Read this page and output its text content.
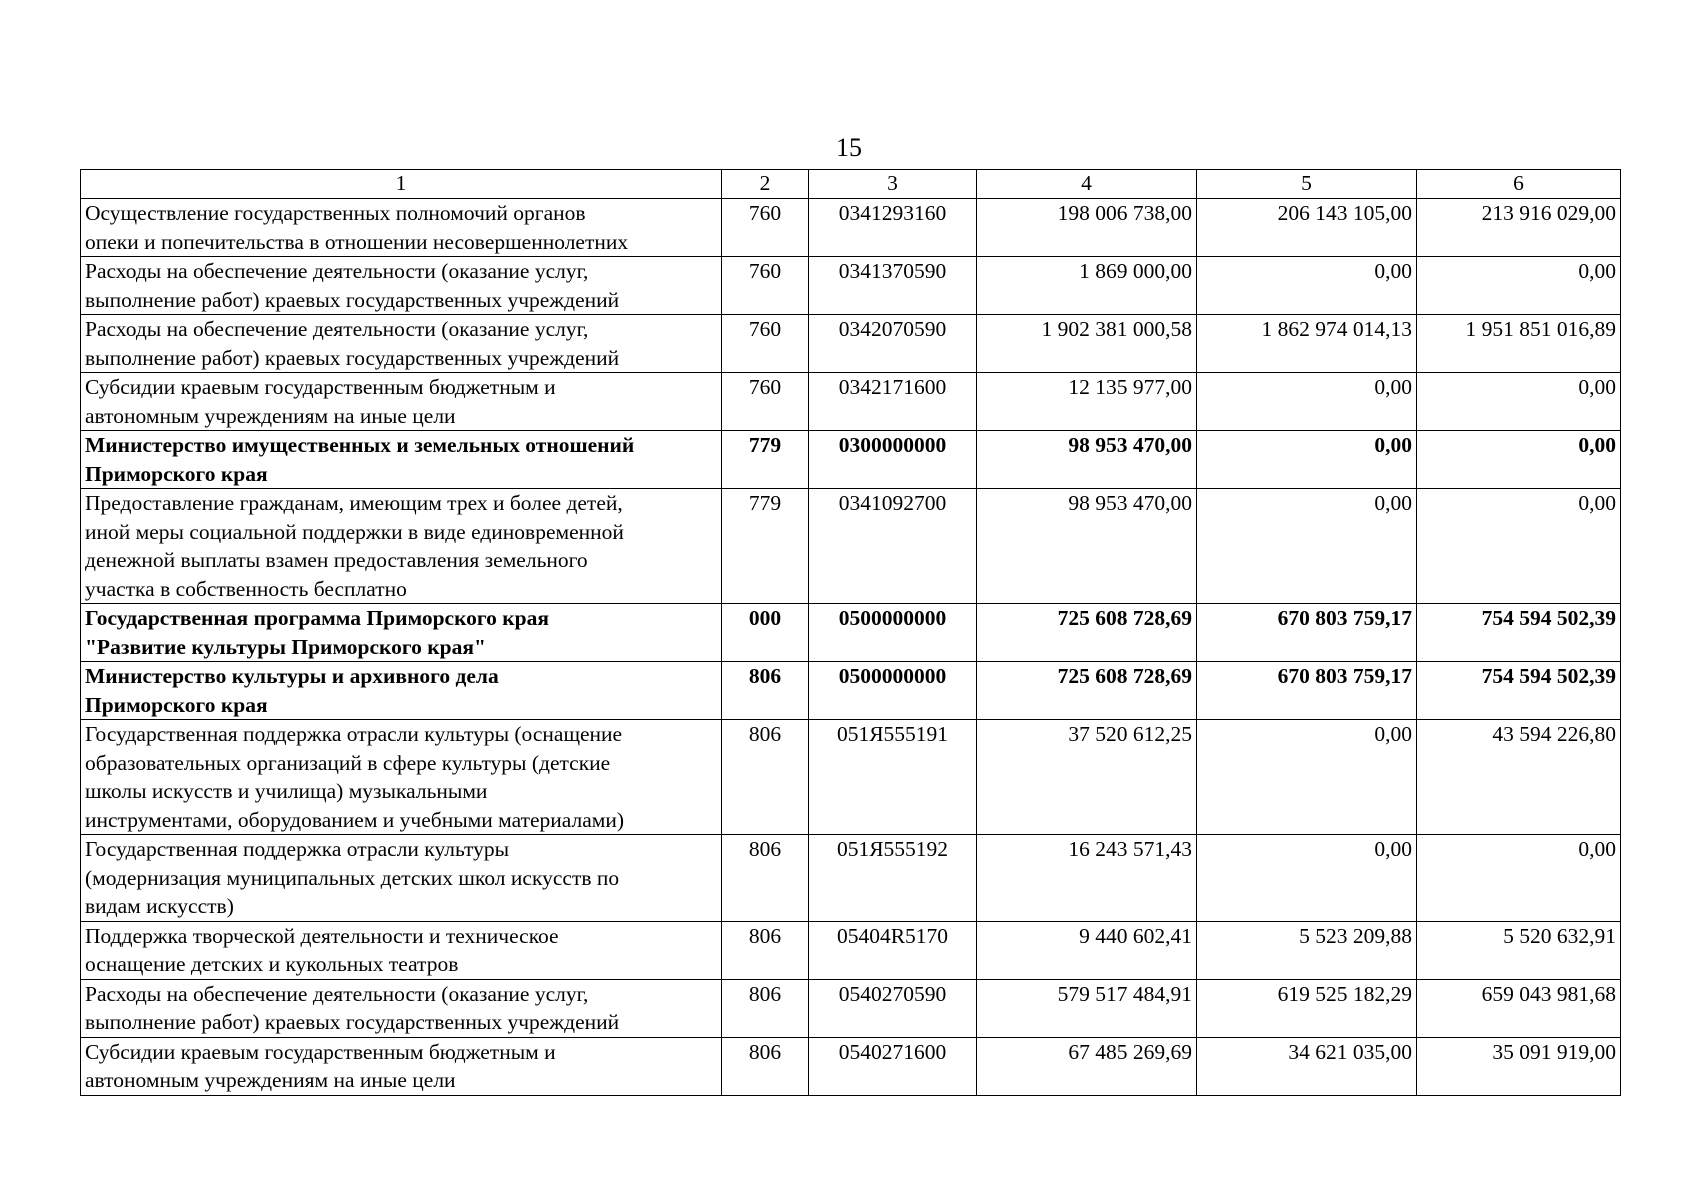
15
1	2	3	4	5	6
Осуществление государственных полномочий органов
опеки и попечительства в отношении несовершеннолетних	760	0341293160	198 006 738,00	206 143 105,00	213 916 029,00
Расходы на обеспечение деятельности (оказание услуг,
выполнение работ) краевых государственных учреждений	760	0341370590	1 869 000,00	0,00	0,00
Расходы на обеспечение деятельности (оказание услуг,
выполнение работ) краевых государственных учреждений	760	0342070590	1 902 381 000,58	1 862 974 014,13	1 951 851 016,89
Субсидии краевым государственным бюджетным и
автономным учреждениям на иные цели	760	0342171600	12 135 977,00	0,00	0,00
Министерство имущественных и земельных отношений
Приморского края	779	0300000000	98 953 470,00	0,00	0,00
Предоставление гражданам, имеющим трех и более детей,
иной меры социальной поддержки в виде единовременной
денежной выплаты взамен предоставления земельного
участка в собственность бесплатно	779	0341092700	98 953 470,00	0,00	0,00
Государственная программа Приморского края
"Развитие культуры Приморского края"	000	0500000000	725 608 728,69	670 803 759,17	754 594 502,39
Министерство культуры и архивного дела
Приморского края	806	0500000000	725 608 728,69	670 803 759,17	754 594 502,39
Государственная поддержка отрасли культуры (оснащение
образовательных организаций в сфере культуры (детские
школы искусств и училища) музыкальными
инструментами, оборудованием и учебными материалами)	806	051Я555191	37 520 612,25	0,00	43 594 226,80
Государственная поддержка отрасли культуры
(модернизация муниципальных детских школ искусств по
видам искусств)	806	051Я555192	16 243 571,43	0,00	0,00
Поддержка творческой деятельности и техническое
оснащение детских и кукольных театров	806	05404R5170	9 440 602,41	5 523 209,88	5 520 632,91
Расходы на обеспечение деятельности (оказание услуг,
выполнение работ) краевых государственных учреждений	806	0540270590	579 517 484,91	619 525 182,29	659 043 981,68
Субсидии краевым государственным бюджетным и
автономным учреждениям на иные цели	806	0540271600	67 485 269,69	34 621 035,00	35 091 919,00
